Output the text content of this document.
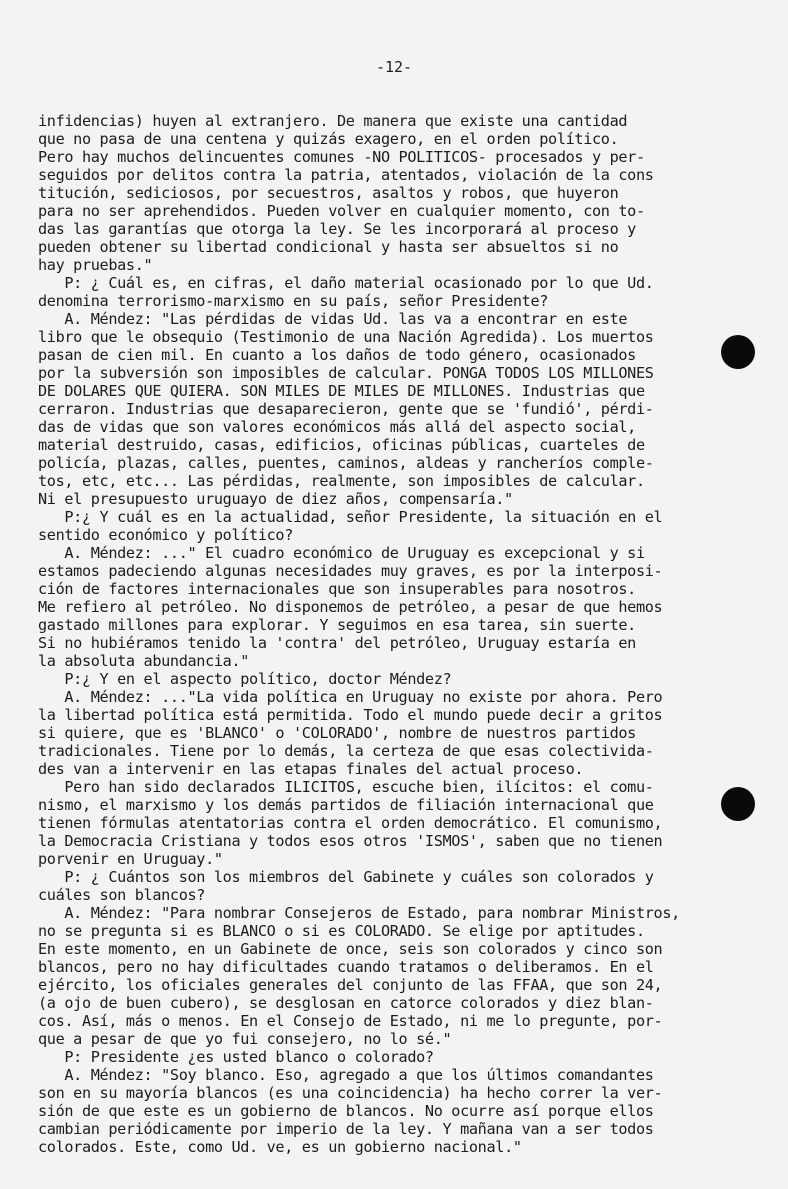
-12-
infidencias) huyen al extranjero. De manera que existe una cantidad
que no pasa de una centena y quizás exagero, en el orden político.
Pero hay muchos delincuentes comunes -NO POLITICOS- procesados y per-
seguidos por delitos contra la patria, atentados, violación de la cons
titución, sediciosos, por secuestros, asaltos y robos, que huyeron
para no ser aprehendidos. Pueden volver en cualquier momento, con to-
das las garantías que otorga la ley. Se les incorporará al proceso y
pueden obtener su libertad condicional y hasta ser absueltos si no
hay pruebas."
P: ¿ Cuál es, en cifras, el daño material ocasionado por lo que Ud.
denomina terrorismo-marxismo en su país, señor Presidente?
A. Méndez: "Las pérdidas de vidas Ud. las va a encontrar en este
libro que le obsequio (Testimonio de una Nación Agredida). Los muertos
pasan de cien mil. En cuanto a los daños de todo género, ocasionados
por la subversión son imposibles de calcular. PONGA TODOS LOS MILLONES
DE DOLARES QUE QUIERA. SON MILES DE MILES DE MILLONES. Industrias que
cerraron. Industrias que desaparecieron, gente que se 'fundió', pérdi-
das de vidas que son valores económicos más allá del aspecto social,
material destruido, casas, edificios, oficinas públicas, cuarteles de
policía, plazas, calles, puentes, caminos, aldeas y rancheríos comple-
tos, etc, etc... Las pérdidas, realmente, son imposibles de calcular.
Ni el presupuesto uruguayo de diez años, compensaría."
P:¿ Y cuál es en la actualidad, señor Presidente, la situación en el
sentido económico y político?
A. Méndez: ..." El cuadro económico de Uruguay es excepcional y si
estamos padeciendo algunas necesidades muy graves, es por la interposi-
ción de factores internacionales que son insuperables para nosotros.
Me refiero al petróleo. No disponemos de petróleo, a pesar de que hemos
gastado millones para explorar. Y seguimos en esa tarea, sin suerte.
Si no hubiéramos tenido la 'contra' del petróleo, Uruguay estaría en
la absoluta abundancia."
P:¿ Y en el aspecto político, doctor Méndez?
A. Méndez: ..."La vida política en Uruguay no existe por ahora. Pero
la libertad política está permitida. Todo el mundo puede decir a gritos
si quiere, que es 'BLANCO' o 'COLORADO', nombre de nuestros partidos
tradicionales. Tiene por lo demás, la certeza de que esas colectivida-
des van a intervenir en las etapas finales del actual proceso.
Pero han sido declarados ILICITOS, escuche bien, ilícitos: el comu-
nismo, el marxismo y los demás partidos de filiación internacional que
tienen fórmulas atentatorias contra el orden democrático. El comunismo,
la Democracia Cristiana y todos esos otros 'ISMOS', saben que no tienen
porvenir en Uruguay."
P: ¿ Cuántos son los miembros del Gabinete y cuáles son colorados y
cuáles son blancos?
A. Méndez: "Para nombrar Consejeros de Estado, para nombrar Ministros,
no se pregunta si es BLANCO o si es COLORADO. Se elige por aptitudes.
En este momento, en un Gabinete de once, seis son colorados y cinco son
blancos, pero no hay dificultades cuando tratamos o deliberamos. En el
ejército, los oficiales generales del conjunto de las FFAA, que son 24,
(a ojo de buen cubero), se desglosan en catorce colorados y diez blan-
cos. Así, más o menos. En el Consejo de Estado, ni me lo pregunte, por-
que a pesar de que yo fui consejero, no lo sé."
P: Presidente ¿es usted blanco o colorado?
A. Méndez: "Soy blanco. Eso, agregado a que los últimos comandantes
son en su mayoría blancos (es una coincidencia) ha hecho correr la ver-
sión de que este es un gobierno de blancos. No ocurre así porque ellos
cambian periódicamente por imperio de la ley. Y mañana van a ser todos
colorados. Este, como Ud. ve, es un gobierno nacional."
